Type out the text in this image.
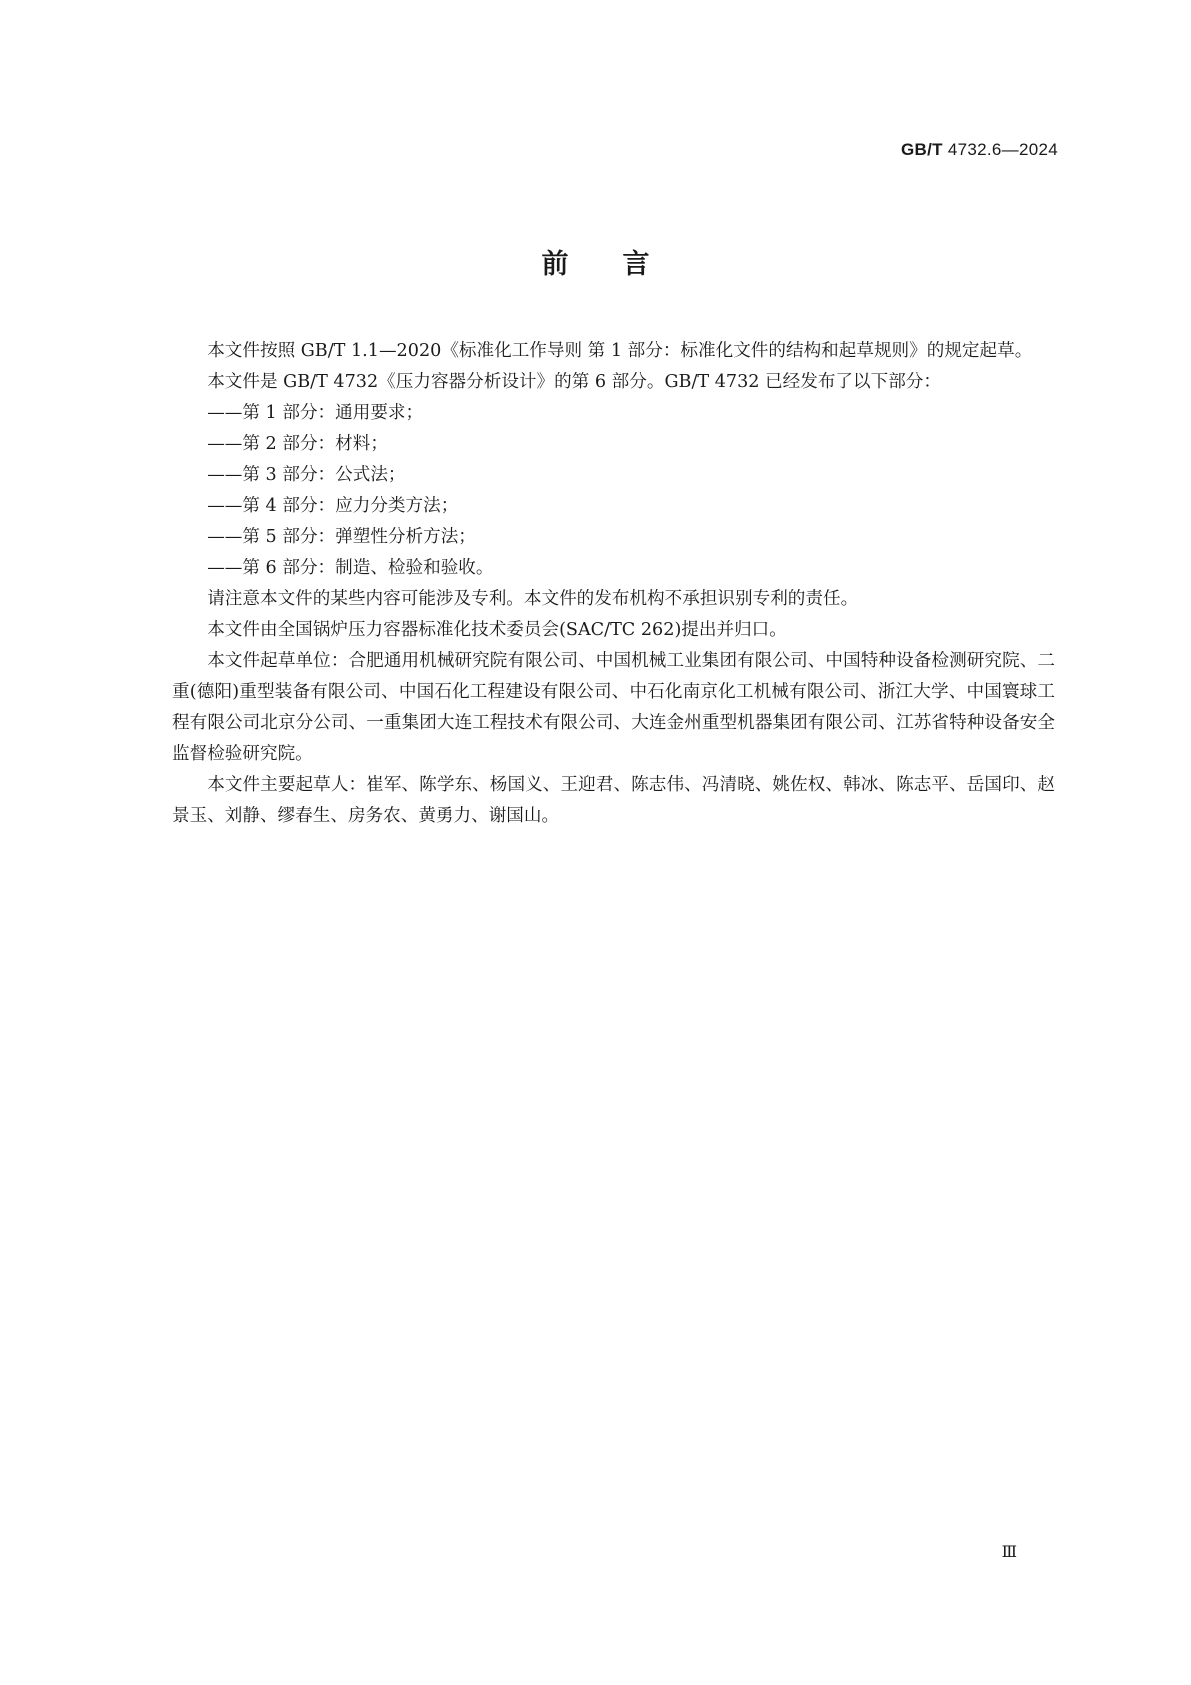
GB/T 4732.6—2024
前言

本文件按照 GB/T 1.1—2020《标准化工作导则 第 1 部分：标准化文件的结构和起草规则》的规定起草。

本文件是 GB/T 4732《压力容器分析设计》的第 6 部分。GB/T 4732 已经发布了以下部分：

——第 1 部分：通用要求；
——第 2 部分：材料；
——第 3 部分：公式法；
——第 4 部分：应力分类方法；
——第 5 部分：弹塑性分析方法；
——第 6 部分：制造、检验和验收。

请注意本文件的某些内容可能涉及专利。本文件的发布机构不承担识别专利的责任。

本文件由全国锅炉压力容器标准化技术委员会(SAC/TC 262)提出并归口。

本文件起草单位：合肥通用机械研究院有限公司、中国机械工业集团有限公司、中国特种设备检测研究院、二重(德阳)重型装备有限公司、中国石化工程建设有限公司、中石化南京化工机械有限公司、浙江大学、中国寰球工程有限公司北京分公司、一重集团大连工程技术有限公司、大连金州重型机器集团有限公司、江苏省特种设备安全监督检验研究院。

本文件主要起草人：崔军、陈学东、杨国义、王迎君、陈志伟、冯清晓、姚佐权、韩冰、陈志平、岳国印、赵景玉、刘静、缪春生、房务农、黄勇力、谢国山。

Ⅲ
